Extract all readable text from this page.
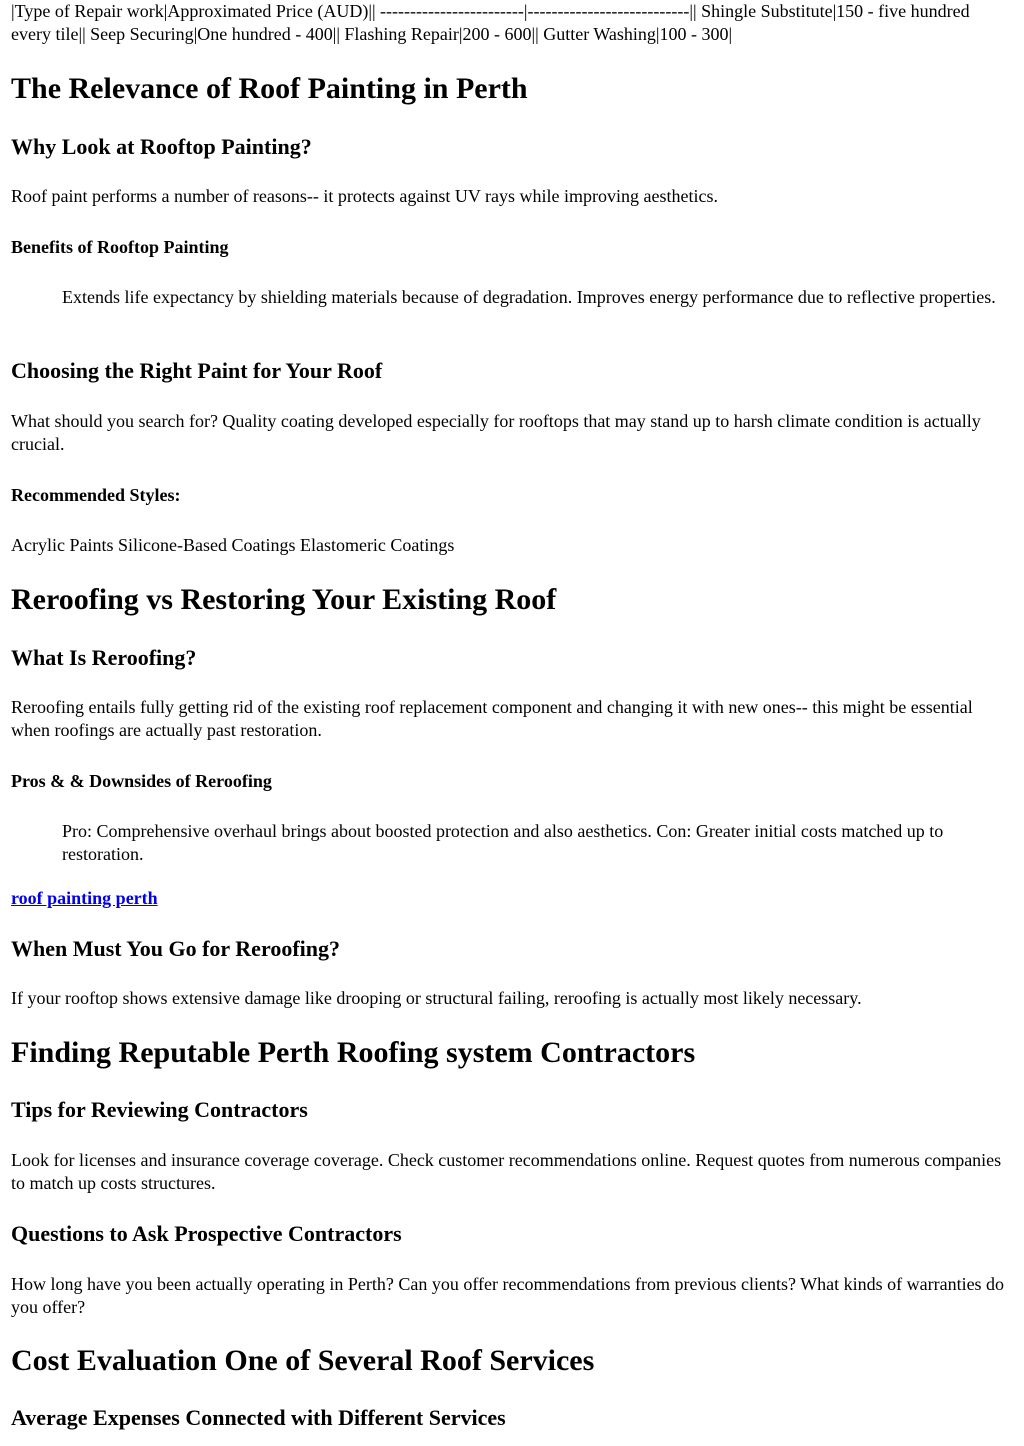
|Type of Repair work|Approximated Price (AUD)|| ------------------------|---------------------------|| Shingle Substitute|150 - five hundred every tile|| Seep Securing|One hundred - 400|| Flashing Repair|200 - 600|| Gutter Washing|100 - 300|

The Relevance of Roof Painting in Perth
Why Look at Rooftop Painting?

Roof paint performs a number of reasons-- it protects against UV rays while improving aesthetics.

Benefits of Rooftop Painting
Extends life expectancy by shielding materials because of degradation. Improves energy performance due to reflective properties.
Choosing the Right Paint for Your Roof

What should you search for? Quality coating developed especially for rooftops that may stand up to harsh climate condition is actually crucial.

Recommended Styles:

Acrylic Paints Silicone-Based Coatings Elastomeric Coatings

Reroofing vs Restoring Your Existing Roof
What Is Reroofing?

Reroofing entails fully getting rid of the existing roof replacement component and changing it with new ones-- this might be essential when roofings are actually past restoration.

Pros & & Downsides of Reroofing
Pro: Comprehensive overhaul brings about boosted protection and also aesthetics. Con: Greater initial costs matched up to restoration.

roof painting perth

When Must You Go for Reroofing?

If your rooftop shows extensive damage like drooping or structural failing, reroofing is actually most likely necessary.

Finding Reputable Perth Roofing system Contractors
Tips for Reviewing Contractors

Look for licenses and insurance coverage coverage. Check customer recommendations online. Request quotes from numerous companies to match up costs structures.

Questions to Ask Prospective Contractors

How long have you been actually operating in Perth? Can you offer recommendations from previous clients? What kinds of warranties do you offer?

Cost Evaluation One of Several Roof Services
Average Expenses Connected with Different Services
